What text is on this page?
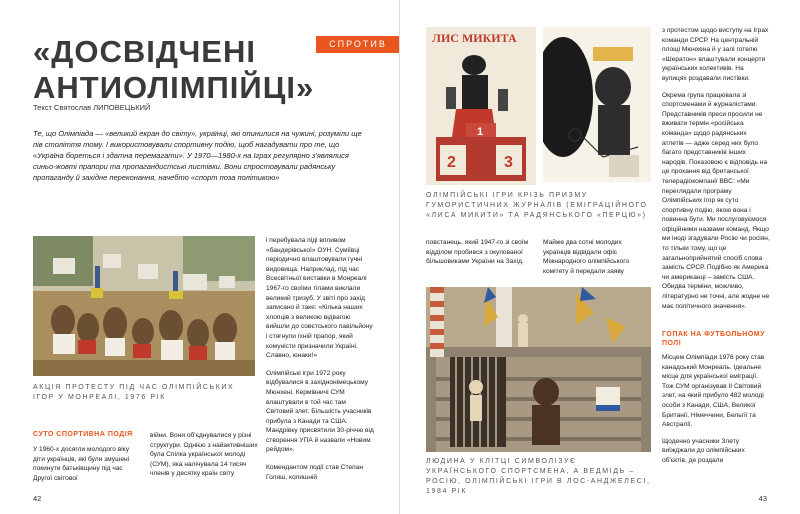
«ДОСВІДЧЕНІ
АНТИОЛІМПІЙЦІ»
СПРОТИВ
Текст Святослав ЛИПОВЕЦЬКИЙ
Те, що Олімпіада — «великий екран до світу», українці, які опинилися на чужині, розуміли ще пів століття тому. І використовували спортивну подію, щоб нагадувати про те, що «Україна бореться і здатна перемагати». У 1970—1980-х на Іграх регулярно з'являлися синьо-жовті прапори та пропагандистські листівки. Вони спростовували радянську пропаганду й західне переконання, начебто «спорт поза політикою»
АКЦІЯ ПРОТЕСТУ ПІД ЧАС ОЛІМПІЙСЬКИХ ІГОР У МОНРЕАЛІ, 1976 РІК
СУТО СПОРТИВНА ПОДІЯ
У 1960-х досягли молодого віку діти українців, які були змушені покинути батьківщину під час Другої світової
війни. Вони об'єднувалися у різні структури. Однією з найактивніших була Спілка української молоді (СУМ), яка налічувала 14 тисяч членів у десятку країн світу
і перебувала піді впливом «бандерівської» ОУН. Суміївці періодично влаштовували гучні видовища. Наприклад, під час Всесвітньої виставки в Монреалі 1967-го своїми тілами виклали великий тризуб. У звіті про захід записано й таке: «Кілька наших хлопців з великою відвагою вийшли до совєтського павільйону і стягнули їхній прапор, який комуністи призначили Україні. Славно, юнаки!»
Олімпійські ігри 1972 року відбувалися в західнонімецькому Мюнхені. Кермівничі СУМ влаштували в той час там Світовий злет. Більшість учасників прибула з Канади та США. Мандрівку присвятили 30-річчю від створення УПА й назвали «Новим рейдом».
Комендантом події став Степан Голяш, колишній
42
2	3
1
ЛИС МИКИТА
ОЛІМПІЙСЬКІ ІГРИ КРІЗЬ ПРИЗМУ ГУМОРИСТИЧНИХ ЖУРНАЛІВ (ЕМІГРАЦІЙНОГО «ЛИСА МИКИТИ» ТА РАДЯНСЬКОГО «ПЕРЦЮ»)
повстанець, який 1947-го зі своїм відділом пробився з окупованої більшовиками України на Захід.
Майже два сотні молодих українців відвідали офіс Міжнародного олімпійського комітету й передали заяву
ЛЮДИНА У КЛІТЦІ СИМВОЛІЗУЄ УКРАЇНСЬКОГО СПОРТСМЕНА, А ВЕДМІДЬ – РОСІЮ, ОЛІМПІЙСЬКІ ІГРИ В ЛОС-АНДЖЕЛЕСІ, 1984 РІК
з протестом щодо виступу на Іграх команди СРСР. На центральній площі Мюнхена й у залі готелю «Шератон» влаштували концерти українських колективів. На вулицях роздавали листівки.
Окрема група працювала зі спортсменами й журналістами. Представників преси просили не вживати термін «російська команда» щодо радянських атлетів — адже серед них було багато представників інших народів. Показовою є відповідь на це прохання від британської телерадіокомпанії BBC: «Ми переглядали програму Олімпійських ігор як суто спортивну подію, якою вона і повинна бути. Ми послуговуємося офіційними назвами команд. Якщо ми іноді згадували Росію чи росіян, то тільки тому, що це загальноприйнятий спосіб слова замість СРСР. Подібно як Америка чи американці – замість США. Обидва терміни, можливо, літературно не точні, але жодне не має політичного значення».
ГОПАК НА ФУТБОЛЬНОМУ ПОЛІ
Місцем Олімпіади 1976 року став канадський Монреаль. Ідеальне місце для української еміграції. Тож СУМ організував II Світовий злет, на який прибуло 482 молоді особи з Канади, США, Великої Британії, Німеччини, Бельгії та Австралії.
Щоденно учасники Злету виїжджали до олімпійських об'єктів, де роздали
43
